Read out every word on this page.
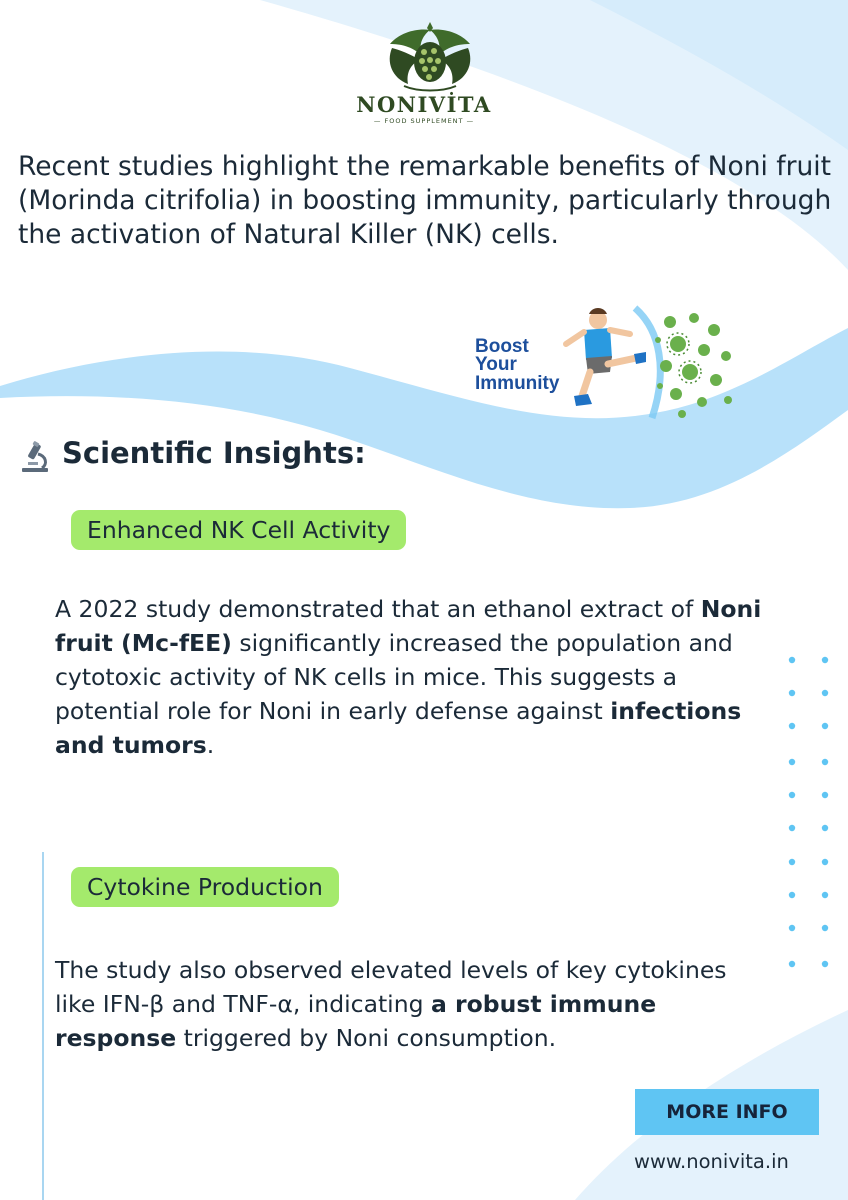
NONIVİTA
— FOOD SUPPLEMENT —
Recent studies highlight the remarkable benefits of Noni fruit (Morinda citrifolia) in boosting immunity, particularly through the activation of Natural Killer (NK) cells.
Boost
Your
Immunity
Scientific Insights:
Enhanced NK Cell Activity

A 2022 study demonstrated that an ethanol extract of Noni fruit (Mc-fEE) significantly increased the population and cytotoxic activity of NK cells in mice. This suggests a potential role for Noni in early defense against infections and tumors.

Cytokine Production

The study also observed elevated levels of key cytokines like IFN-β and TNF-α, indicating a robust immune response triggered by Noni consumption.

MORE INFO
www.nonivita.in
